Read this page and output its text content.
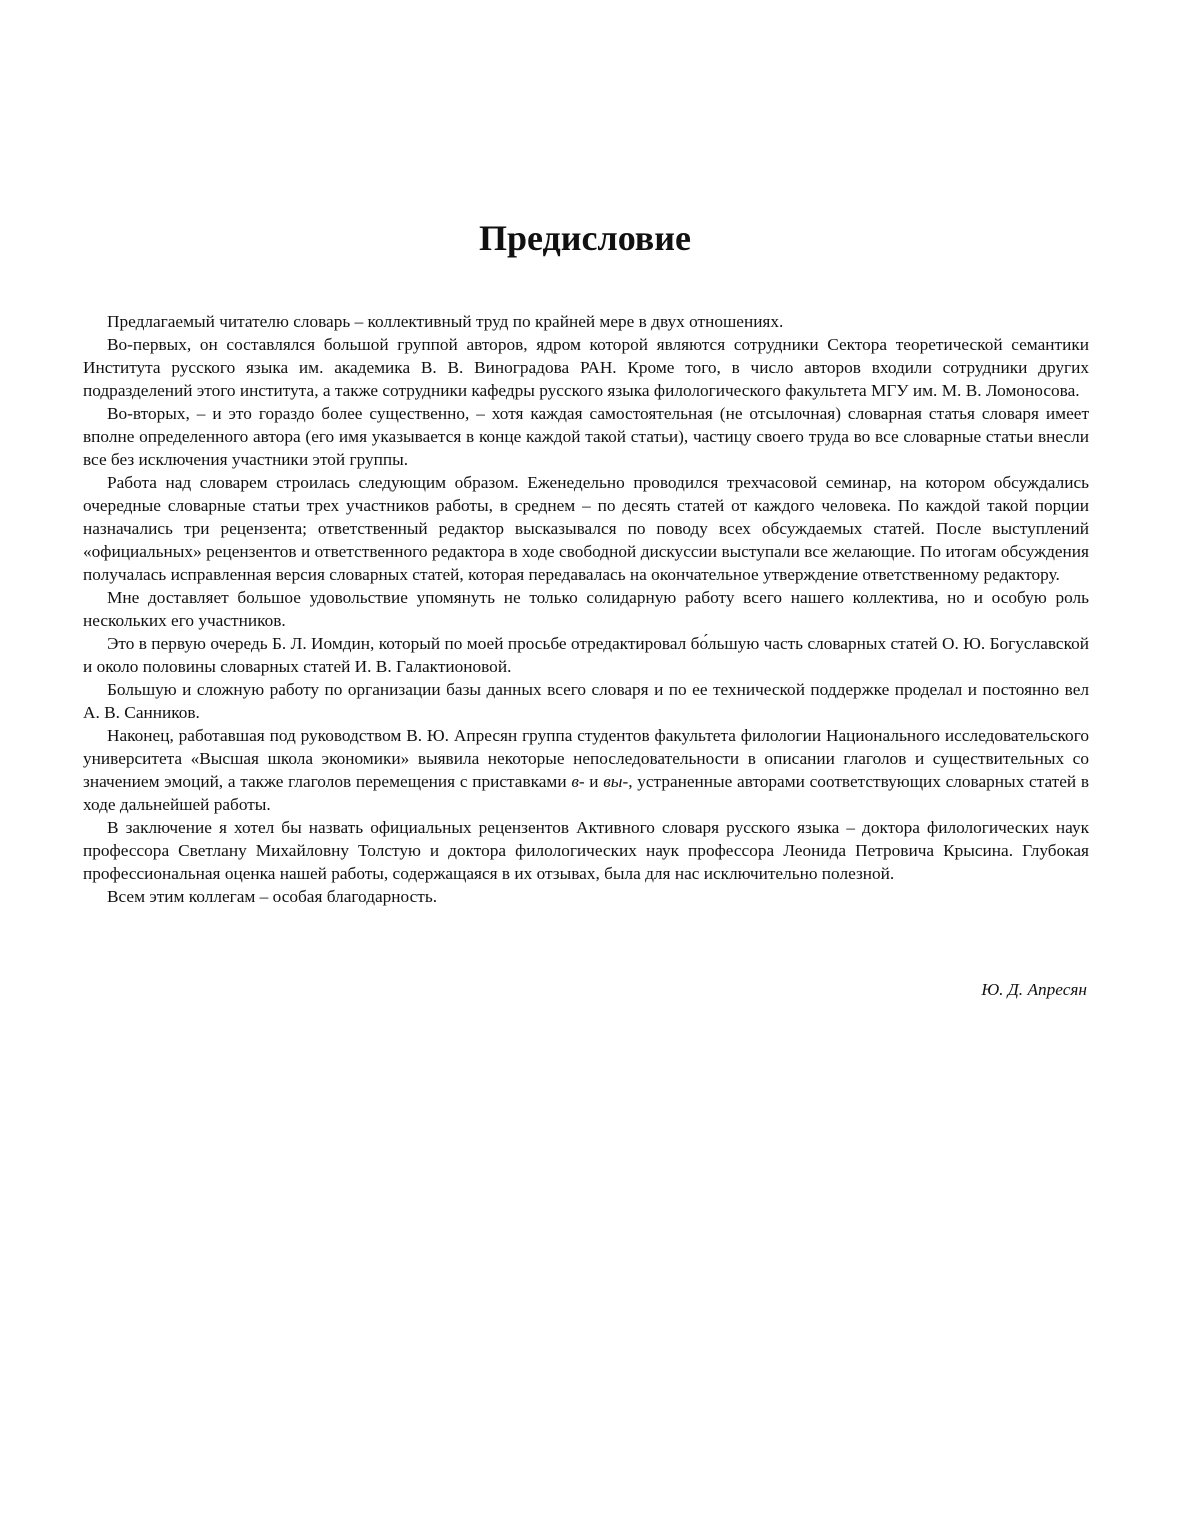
Предисловие

Предлагаемый читателю словарь – коллективный труд по крайней мере в двух отношениях.

Во-первых, он составлялся большой группой авторов, ядром которой являются сотрудники Сектора теоретической семантики Института русского языка им. академика В. В. Виноградова РАН. Кроме того, в число авторов входили сотрудники других подразделений этого института, а также сотрудники кафедры русского языка филологического факультета МГУ им. М. В. Ломоносова.

Во-вторых, – и это гораздо более существенно, – хотя каждая самостоятельная (не отсылочная) словарная статья словаря имеет вполне определенного автора (его имя указывается в конце каждой такой статьи), частицу своего труда во все словарные статьи внесли все без исключения участники этой группы.

Работа над словарем строилась следующим образом. Еженедельно проводился трехчасовой семинар, на котором обсуждались очередные словарные статьи трех участников работы, в среднем – по десять статей от каждого человека. По каждой такой порции назначались три рецензента; ответственный редактор высказывался по поводу всех обсуждаемых статей. После выступлений «официальных» рецензентов и ответственного редактора в ходе свободной дискуссии выступали все желающие. По итогам обсуждения получалась исправленная версия словарных статей, которая передавалась на окончательное утверждение ответственному редактору.

Мне доставляет большое удовольствие упомянуть не только солидарную работу всего нашего коллектива, но и особую роль нескольких его участников.

Это в первую очередь Б. Л. Иомдин, который по моей просьбе отредактировал бо́льшую часть словарных статей О. Ю. Богуславской и около половины словарных статей И. В. Галактионовой.

Большую и сложную работу по организации базы данных всего словаря и по ее технической поддержке проделал и постоянно вел А. В. Санников.

Наконец, работавшая под руководством В. Ю. Апресян группа студентов факультета филологии Национального исследовательского университета «Высшая школа экономики» выявила некоторые непоследовательности в описании глаголов и существительных со значением эмоций, а также глаголов перемещения с приставками в- и вы-, устраненные авторами соответствующих словарных статей в ходе дальнейшей работы.

В заключение я хотел бы назвать официальных рецензентов Активного словаря русского языка – доктора филологических наук профессора Светлану Михайловну Толстую и доктора филологических наук профессора Леонида Петровича Крысина. Глубокая профессиональная оценка нашей работы, содержащаяся в их отзывах, была для нас исключительно полезной.

Всем этим коллегам – особая благодарность.

Ю. Д. Апресян
